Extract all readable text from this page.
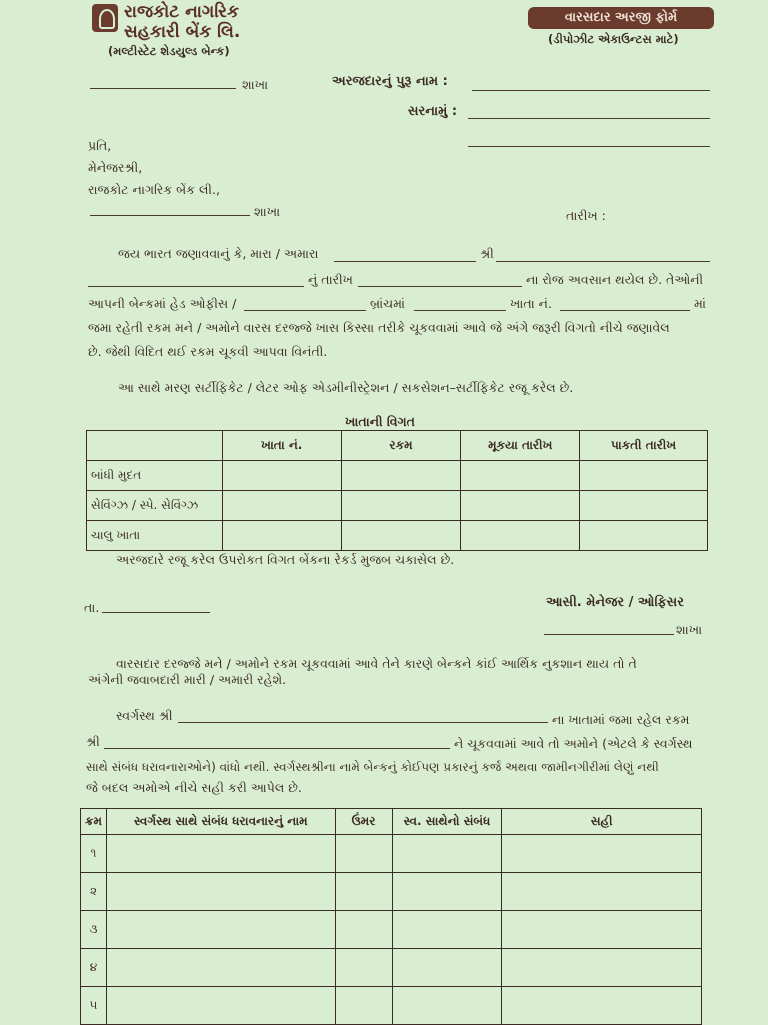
રાજકોટ નાગરિક
સહકારી બેંક લિ.
(મલ્ટીસ્ટેટ શેડયુલ્ડ બેન્ક)
વારસદાર અરજી ફોર્મ
(ડીપોઝીટ એકાઉન્ટસ માટે)
શાખા	અરજદારનું પુરૂ નામ :
સરનામું :
પ્રતિ,
મેનેજરશ્રી,
રાજકોટ નાગરિક બેંક લી.,
શાખા	તારીખ :
જય ભારત જણાવવાનું કે, મારા / અમારા	શ્રી
નું તારીખ	ના રોજ અવસાન થયેલ છે. તેઓની
આપની બેન્કમાં હેડ ઓફીસ /	બ્રાંચમાં	ખાતા નં.	માં
જમા રહેતી રકમ મને / અમોને વારસ દરજ્જે ખાસ કિસ્સા તરીકે ચૂકવવામાં આવે જે અંગે જરૂરી વિગતો નીચે જણાવેલ
છે. જેથી વિદિત થઈ રકમ ચૂકવી આપવા વિનંતી.
આ સાથે મરણ સર્ટીફિકેટ / લેટર ઓફ એડમીનીસ્ટ્રેશન / સકસેશન–સર્ટીફિકેટ રજૂ કરેલ છે.
ખાતાની વિગત
	ખાતા નં.	રકમ	મૂકયા તારીખ	પાકતી તારીખ
બાંધી મુદત				
સેવિંગ્ઝ / સ્પે. સેવિંગ્ઝ				
ચાલુ ખાતા				
અરજદારે રજૂ કરેલ ઉપરોકત વિગત બેંકના રેકર્ડ મુજબ ચકાસેલ છે.
તા.	આસી. મેનેજર / ઓફિસર
શાખા
વારસદાર દરજ્જે મને / અમોને રકમ ચૂકવવામાં આવે તેને કારણે બેન્કને કાંઈ આર્થિક નુકશાન થાય તો તે
અંગેની જવાબદારી મારી / અમારી રહેશે.
સ્વર્ગસ્થ શ્રી	ના ખાતામાં જમા રહેલ રકમ
શ્રી	ને ચૂકવવામાં આવે તો અમોને (એટલે કે સ્વર્ગસ્થ
સાથે સંબંધ ધરાવનારાઓને) વાંધો નથી. સ્વર્ગસ્થશ્રીના નામે બેન્કનું કોઈપણ પ્રકારનું કર્જ અથવા જામીનગીરીમાં લેણું નથી
જે બદલ અમોએ નીચે સહી કરી આપેલ છે.
ક્રમ	સ્વર્ગસ્થ સાથે સંબંધ ધરાવનારનું નામ	ઉંમર	સ્વ. સાથેનો સંબંધ	સહી
૧				
૨				
૩				
૪				
૫				
